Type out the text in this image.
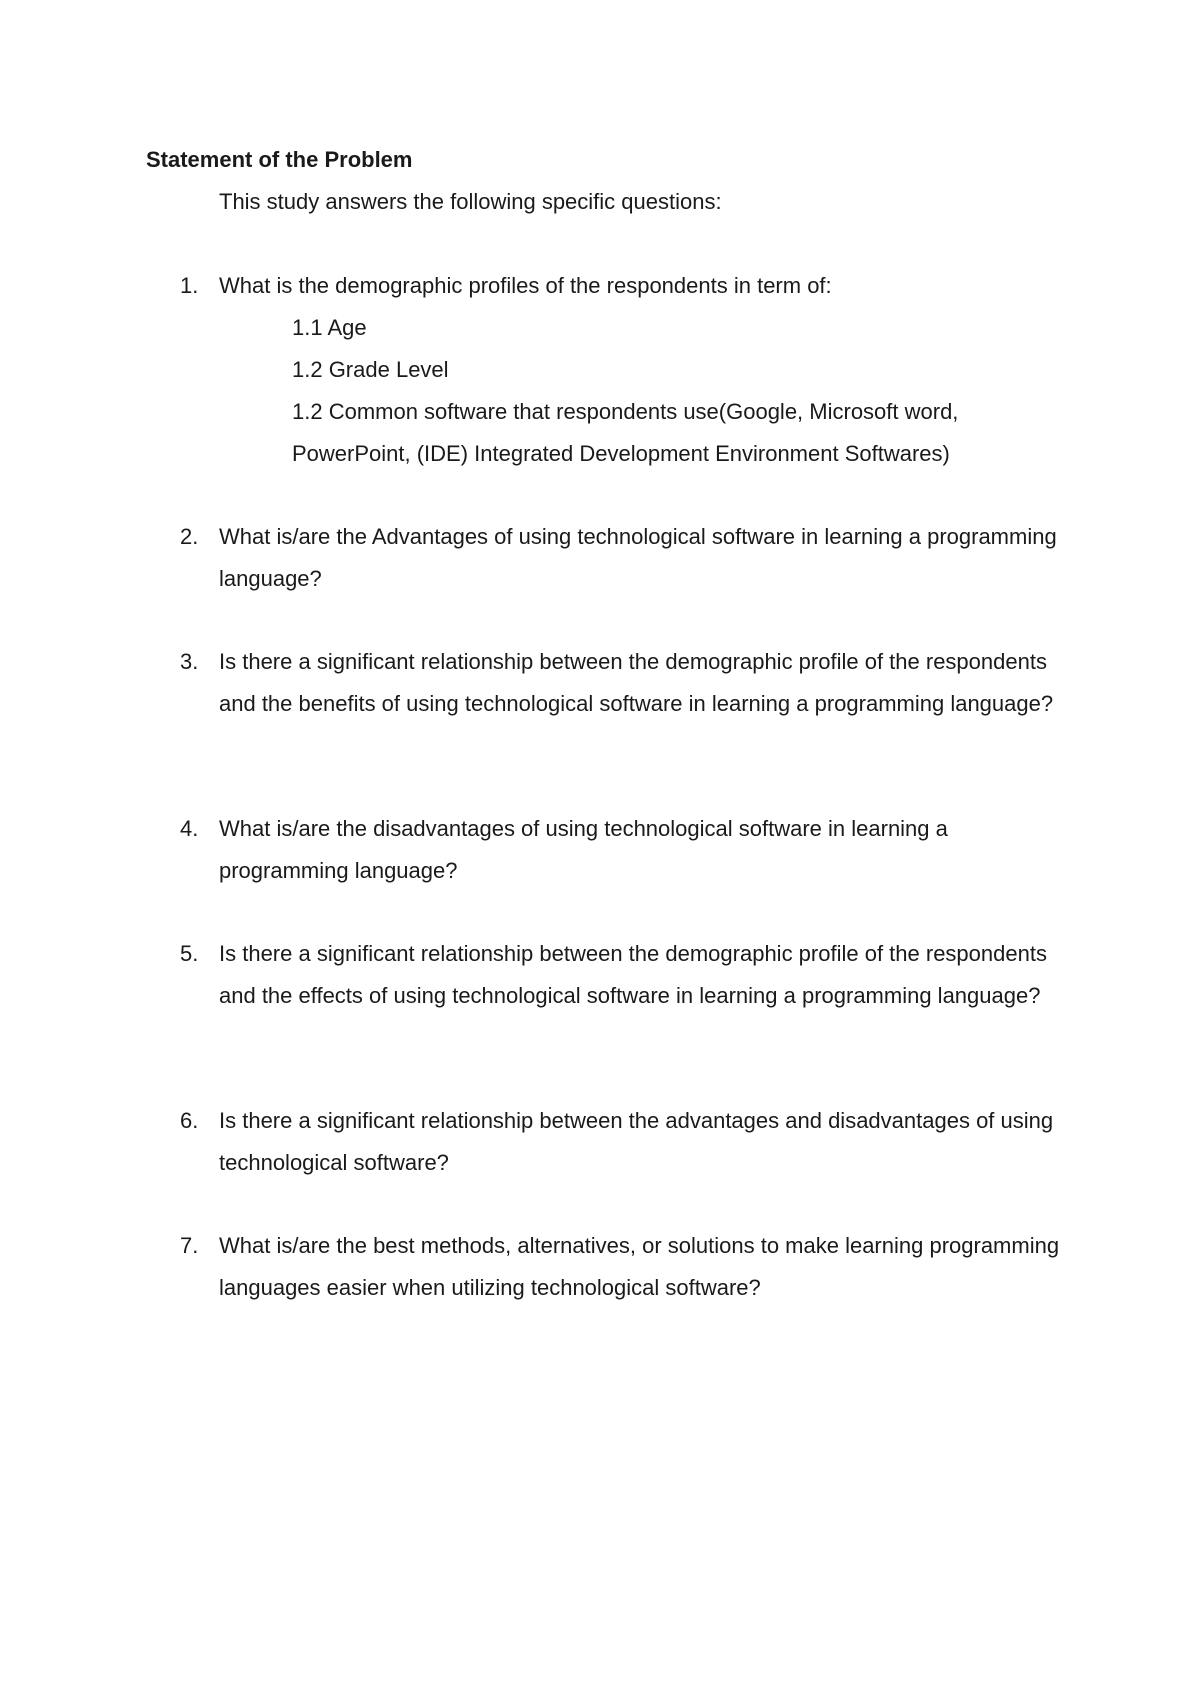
Statement of the Problem

This study answers the following specific questions:

1. What is the demographic profiles of the respondents in term of:
1.1 Age
1.2 Grade Level
1.2 Common software that respondents use(Google, Microsoft word, PowerPoint, (IDE) Integrated Development Environment Softwares)
2. What is/are the Advantages of using technological software in learning a programming language?
3. Is there a significant relationship between the demographic profile of the respondents and the benefits of using technological software in learning a programming language?
4. What is/are the disadvantages of using technological software in learning a programming language?
5. Is there a significant relationship between the demographic profile of the respondents and the effects of using technological software in learning a programming language?
6. Is there a significant relationship between the advantages and disadvantages of using technological software?
7. What is/are the best methods, alternatives, or solutions to make learning programming languages easier when utilizing technological software?
